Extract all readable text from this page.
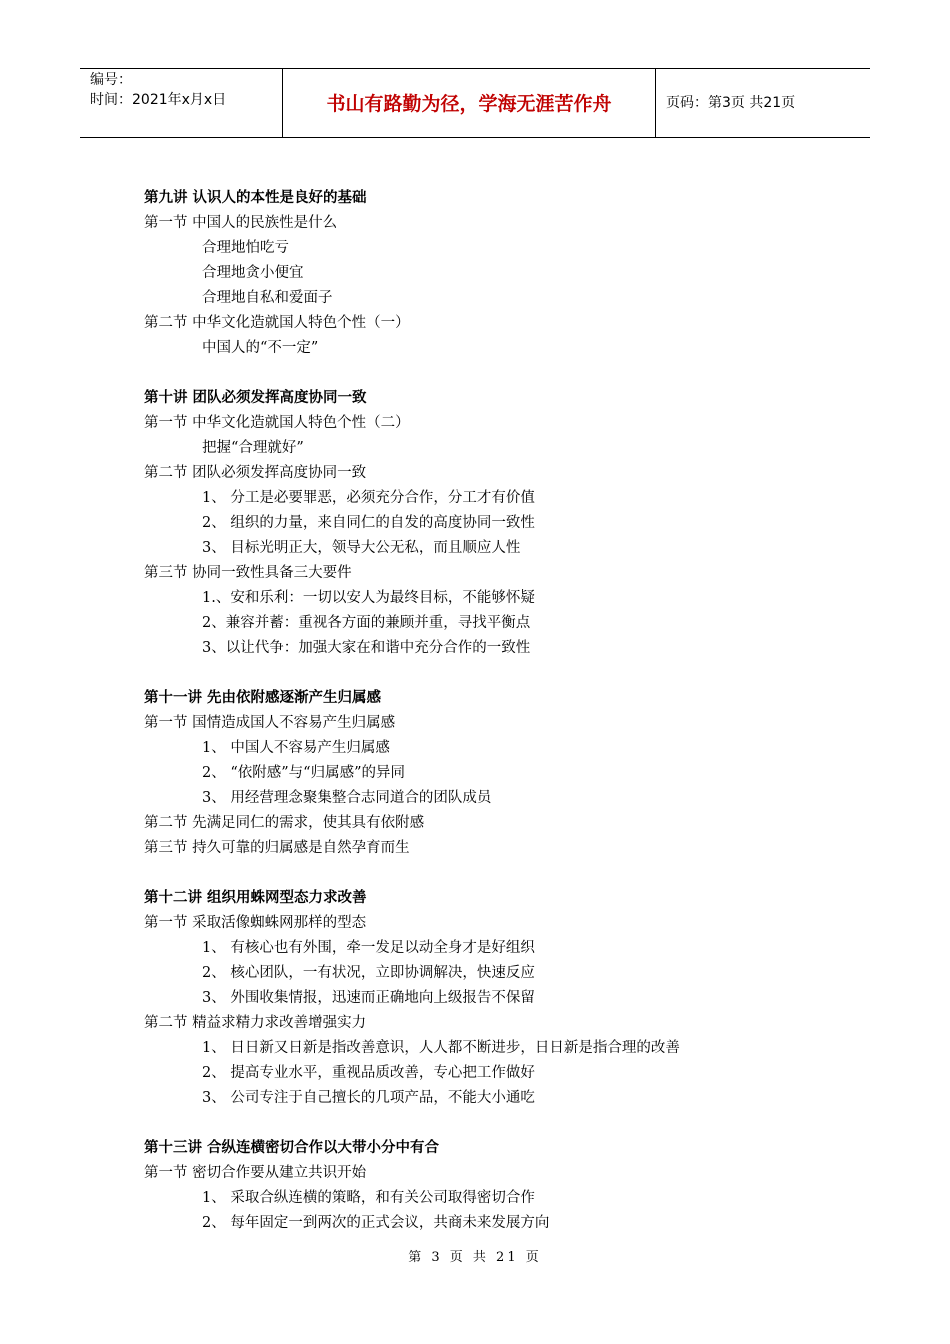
编号：
时间：2021年x月x日	书山有路勤为径，学海无涯苦作舟	页码：第3页 共21页
第九讲 认识人的本性是良好的基础
第一节 中国人的民族性是什么
合理地怕吃亏
合理地贪小便宜
合理地自私和爱面子
第二节 中华文化造就国人特色个性（一）
中国人的“不一定”
第十讲 团队必须发挥高度协同一致
第一节 中华文化造就国人特色个性（二）
把握“合理就好”
第二节 团队必须发挥高度协同一致
1、 分工是必要罪恶，必须充分合作，分工才有价值
2、 组织的力量，来自同仁的自发的高度协同一致性
3、 目标光明正大，领导大公无私，而且顺应人性
第三节 协同一致性具备三大要件
1.、安和乐利：一切以安人为最终目标，不能够怀疑
2、兼容并蓄：重视各方面的兼顾并重，寻找平衡点
3、以让代争：加强大家在和谐中充分合作的一致性
第十一讲 先由依附感逐渐产生归属感
第一节 国情造成国人不容易产生归属感
1、 中国人不容易产生归属感
2、 “依附感”与“归属感”的异同
3、 用经营理念聚集整合志同道合的团队成员
第二节 先满足同仁的需求，使其具有依附感
第三节 持久可靠的归属感是自然孕育而生
第十二讲 组织用蛛网型态力求改善
第一节 采取活像蜘蛛网那样的型态
1、 有核心也有外围，牵一发足以动全身才是好组织
2、 核心团队，一有状况，立即协调解决，快速反应
3、 外围收集情报，迅速而正确地向上级报告不保留
第二节 精益求精力求改善增强实力
1、 日日新又日新是指改善意识，人人都不断进步，日日新是指合理的改善
2、 提高专业水平，重视品质改善，专心把工作做好
3、 公司专注于自己擅长的几项产品，不能大小通吃
第十三讲 合纵连横密切合作以大带小分中有合
第一节 密切合作要从建立共识开始
1、 采取合纵连横的策略，和有关公司取得密切合作
2、 每年固定一到两次的正式会议，共商未来发展方向
第 3 页 共 21 页
